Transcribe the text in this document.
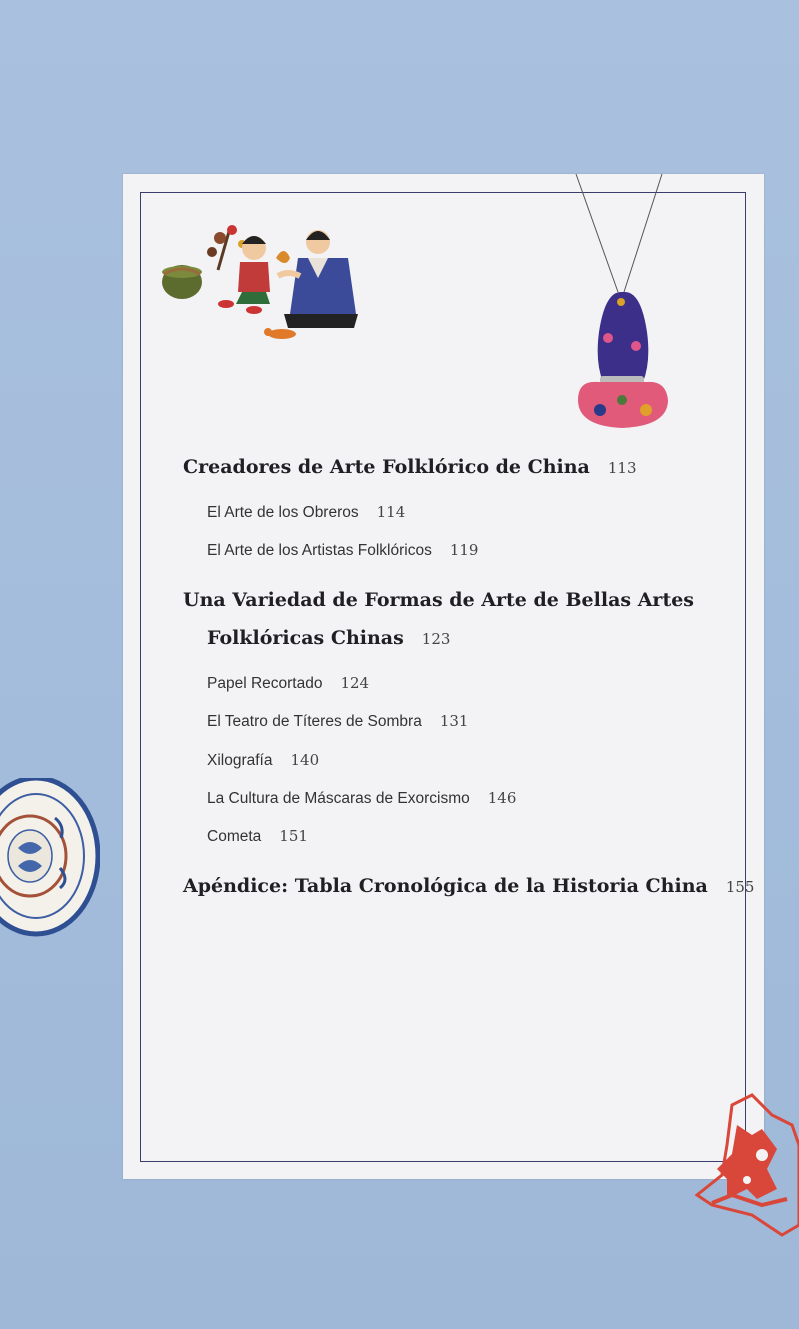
Creadores de Arte Folklórico de China 113
El Arte de los Obreros 114
El Arte de los Artistas Folklóricos 119
Una Variedad de Formas de Arte de Bellas Artes
Folklóricas Chinas 123
Papel Recortado 124
El Teatro de Títeres de Sombra 131
Xilografía 140
La Cultura de Máscaras de Exorcismo 146
Cometa 151
Apéndice: Tabla Cronológica de la Historia China 155
